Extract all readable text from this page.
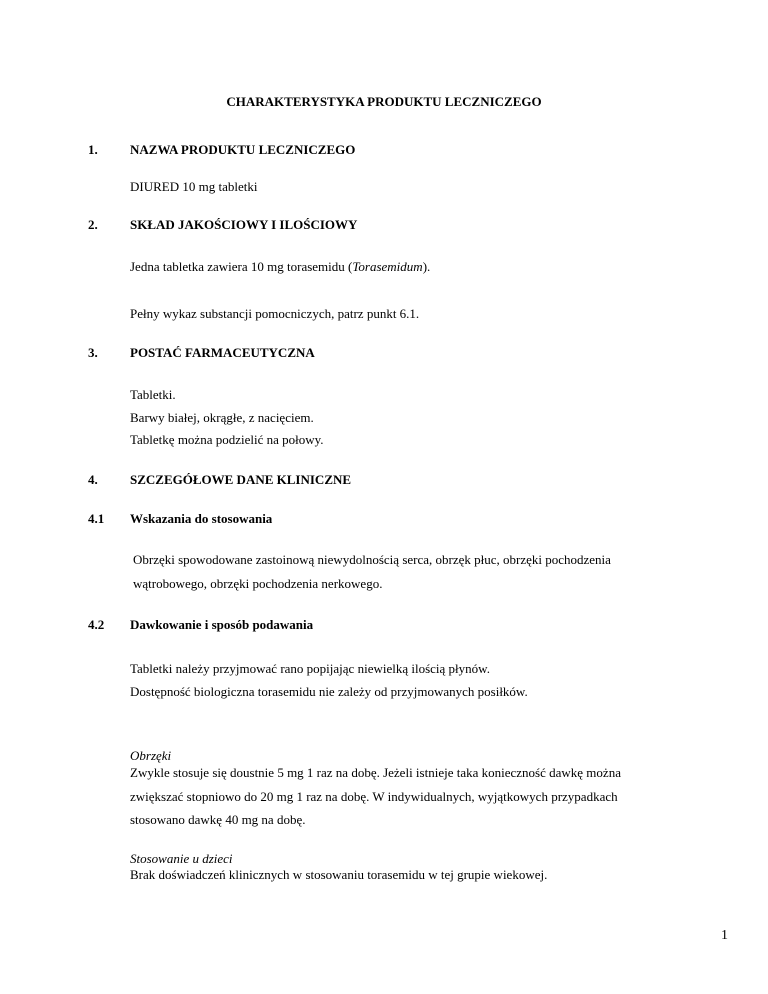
CHARAKTERYSTYKA PRODUKTU LECZNICZEGO
1. NAZWA PRODUKTU LECZNICZEGO
DIURED 10 mg tabletki
2. SKŁAD JAKOŚCIOWY I ILOŚCIOWY
Jedna tabletka zawiera 10 mg torasemidu (Torasemidum).
Pełny wykaz substancji pomocniczych, patrz punkt 6.1.
3. POSTAĆ FARMACEUTYCZNA
Tabletki.
Barwy białej, okrągłe, z nacięciem.
Tabletkę można podzielić na połowy.
4. SZCZEGÓŁOWE DANE KLINICZNE
4.1 Wskazania do stosowania
Obrzęki spowodowane zastoinową niewydolnością serca, obrzęk płuc, obrzęki pochodzenia
wątrobowego, obrzęki pochodzenia nerkowego.
4.2 Dawkowanie i sposób podawania
Tabletki należy przyjmować rano popijając niewielką ilością płynów.
Dostępność biologiczna torasemidu nie zależy od przyjmowanych posiłków.
Obrzęki
Zwykle stosuje się doustnie 5 mg 1 raz na dobę. Jeżeli istnieje taka konieczność dawkę można
zwiększać stopniowo do 20 mg 1 raz na dobę. W indywidualnych, wyjątkowych przypadkach
stosowano dawkę 40 mg na dobę.
Stosowanie u dzieci
Brak doświadczeń klinicznych w stosowaniu torasemidu w tej grupie wiekowej.
1
